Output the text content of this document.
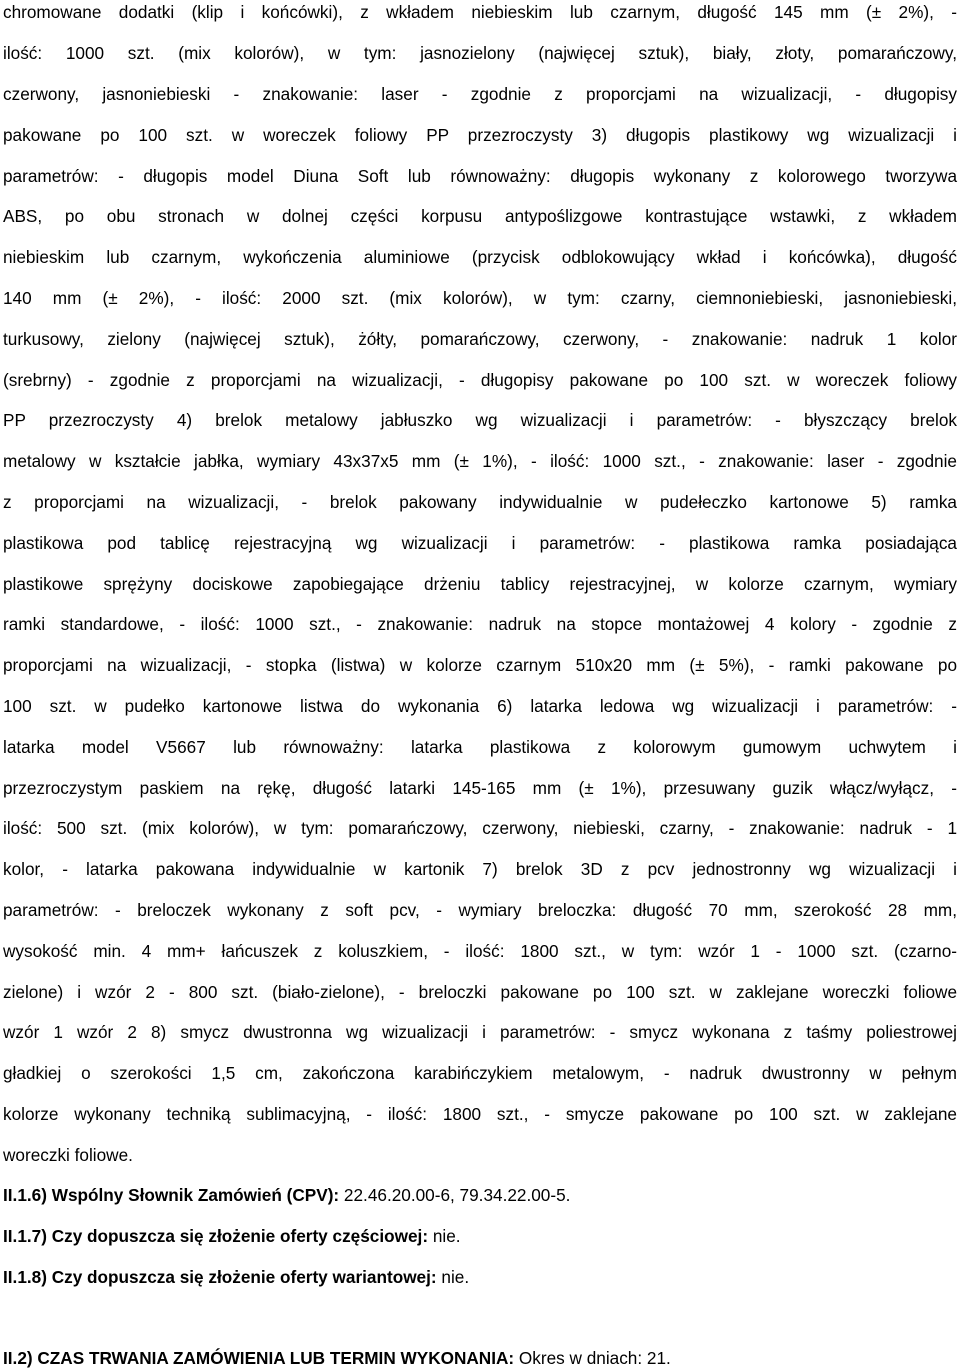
chromowane dodatki (klip i końcówki), z wkładem niebieskim lub czarnym, długość 145 mm (± 2%), -
ilość: 1000 szt. (mix kolorów), w tym: jasnozielony (najwięcej sztuk), biały, złoty, pomarańczowy,
czerwony, jasnoniebieski - znakowanie: laser - zgodnie z proporcjami na wizualizacji, - długopisy
pakowane po 100 szt. w woreczek foliowy PP przezroczysty 3) długopis plastikowy wg wizualizacji i
parametrów: - długopis model Diuna Soft lub równoważny: długopis wykonany z kolorowego tworzywa
ABS, po obu stronach w dolnej części korpusu antypoślizgowe kontrastujące wstawki, z wkładem
niebieskim lub czarnym, wykończenia aluminiowe (przycisk odblokowujący wkład i końcówka), długość
140 mm (± 2%), - ilość: 2000 szt. (mix kolorów), w tym: czarny, ciemnoniebieski, jasnoniebieski,
turkusowy, zielony (najwięcej sztuk), żółty, pomarańczowy, czerwony, - znakowanie: nadruk 1 kolor
(srebrny) - zgodnie z proporcjami na wizualizacji, - długopisy pakowane po 100 szt. w woreczek foliowy
PP przezroczysty 4) brelok metalowy jabłuszko wg wizualizacji i parametrów: - błyszczący brelok
metalowy w kształcie jabłka, wymiary 43x37x5 mm (± 1%), - ilość: 1000 szt., - znakowanie: laser - zgodnie
z proporcjami na wizualizacji, - brelok pakowany indywidualnie w pudełeczko kartonowe 5) ramka
plastikowa pod tablicę rejestracyjną wg wizualizacji i parametrów: - plastikowa ramka posiadająca
plastikowe sprężyny dociskowe zapobiegające drżeniu tablicy rejestracyjnej, w kolorze czarnym, wymiary
ramki standardowe, - ilość: 1000 szt., - znakowanie: nadruk na stopce montażowej 4 kolory - zgodnie z
proporcjami na wizualizacji, - stopka (listwa) w kolorze czarnym 510x20 mm (± 5%), - ramki pakowane po
100 szt. w pudełko kartonowe listwa do wykonania 6) latarka ledowa wg wizualizacji i parametrów: -
latarka model V5667 lub równoważny: latarka plastikowa z kolorowym gumowym uchwytem i
przezroczystym paskiem na rękę, długość latarki 145-165 mm (± 1%), przesuwany guzik włącz/wyłącz, -
ilość: 500 szt. (mix kolorów), w tym: pomarańczowy, czerwony, niebieski, czarny, - znakowanie: nadruk - 1
kolor, - latarka pakowana indywidualnie w kartonik 7) brelok 3D z pcv jednostronny wg wizualizacji i
parametrów: - breloczek wykonany z soft pcv, - wymiary breloczka: długość 70 mm, szerokość 28 mm,
wysokość min. 4 mm+ łańcuszek z koluszkiem, - ilość: 1800 szt., w tym: wzór 1 - 1000 szt. (czarno-
zielone) i wzór 2 - 800 szt. (biało-zielone), - breloczki pakowane po 100 szt. w zaklejane woreczki foliowe
wzór 1 wzór 2 8) smycz dwustronna wg wizualizacji i parametrów: - smycz wykonana z taśmy poliestrowej
gładkiej o szerokości 1,5 cm, zakończona karabińczykiem metalowym, - nadruk dwustronny w pełnym
kolorze wykonany techniką sublimacyjną, - ilość: 1800 szt., - smycze pakowane po 100 szt. w zaklejane
woreczki foliowe.
II.1.6) Wspólny Słownik Zamówień (CPV): 22.46.20.00-6, 79.34.22.00-5.
II.1.7) Czy dopuszcza się złożenie oferty częściowej: nie.
II.1.8) Czy dopuszcza się złożenie oferty wariantowej: nie.
II.2) CZAS TRWANIA ZAMÓWIENIA LUB TERMIN WYKONANIA: Okres w dniach: 21.
